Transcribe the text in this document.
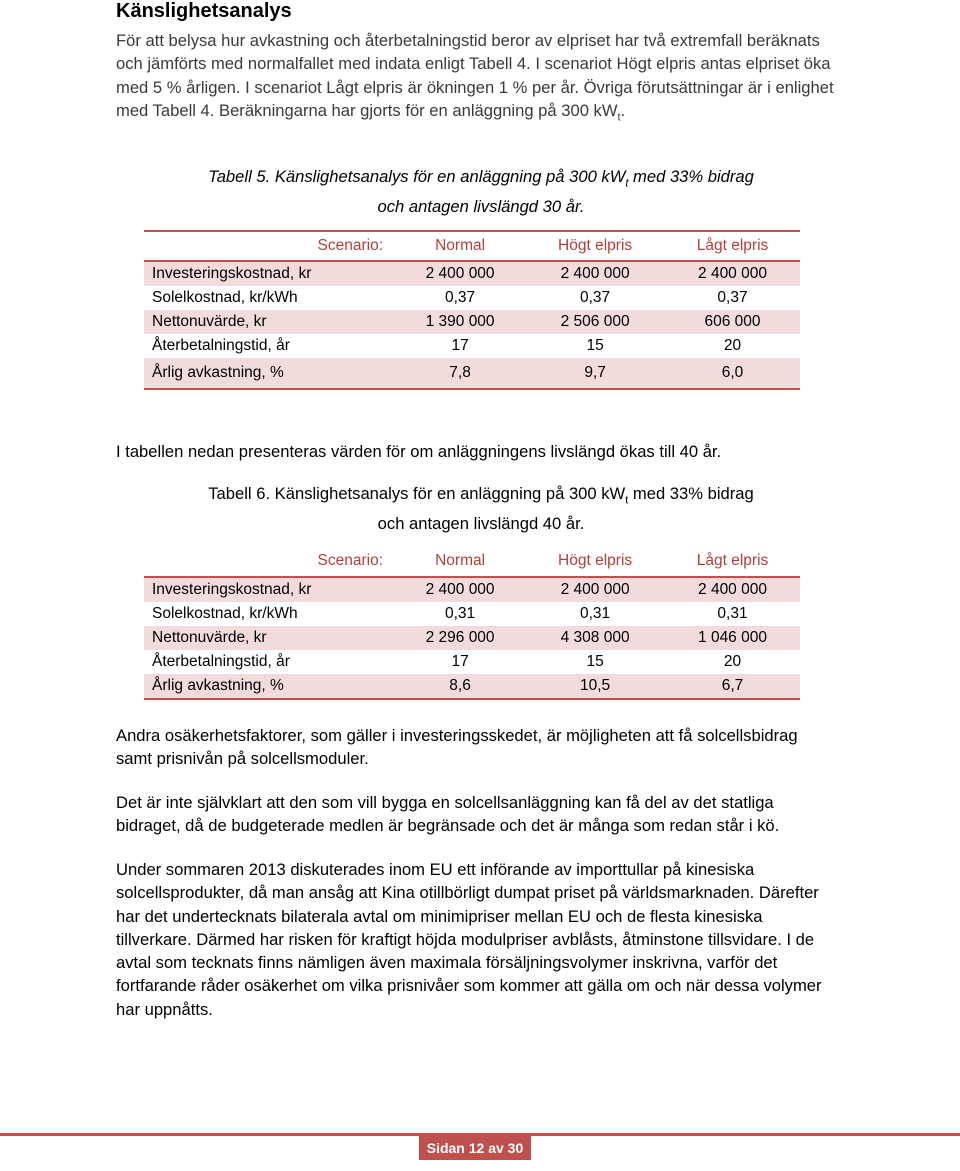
Känslighetsanalys
För att belysa hur avkastning och återbetalningstid beror av elpriset har två extremfall beräknats och jämförts med normalfallet med indata enligt Tabell 4. I scenariot Högt elpris antas elpriset öka med 5 % årligen. I scenariot Lågt elpris är ökningen 1 % per år. Övriga förutsättningar är i enlighet med Tabell 4. Beräkningarna har gjorts för en anläggning på 300 $kW_t$.
Tabell 5. Känslighetsanalys för en anläggning på 300 $kW_t$ med 33% bidrag
och antagen livslängd 30 år.
Scenario:	Normal	Högt elpris	Lågt elpris
Investeringskostnad, kr	2 400 000	2 400 000	2 400 000
Solelkostnad, kr/kWh	0,37	0,37	0,37
Nettonuvärde, kr	1 390 000	2 506 000	606 000
Återbetalningstid, år	17	15	20
Årlig avkastning, %	7,8	9,7	6,0
I tabellen nedan presenteras värden för om anläggningens livslängd ökas till 40 år.
Tabell 6. Känslighetsanalys för en anläggning på 300 $kW_t$ med 33% bidrag
och antagen livslängd 40 år.
Scenario:	Normal	Högt elpris	Lågt elpris
Investeringskostnad, kr	2 400 000	2 400 000	2 400 000
Solelkostnad, kr/kWh	0,31	0,31	0,31
Nettonuvärde, kr	2 296 000	4 308 000	1 046 000
Återbetalningstid, år	17	15	20
Årlig avkastning, %	8,6	10,5	6,7
Andra osäkerhetsfaktorer, som gäller i investeringsskedet, är möjligheten att få solcellsbidrag samt prisnivån på solcellsmoduler.
Det är inte självklart att den som vill bygga en solcellsanläggning kan få del av det statliga bidraget, då de budgeterade medlen är begränsade och det är många som redan står i kö.
Under sommaren 2013 diskuterades inom EU ett införande av importtullar på kinesiska solcellsprodukter, då man ansåg att Kina otillbörligt dumpat priset på världsmarknaden. Därefter har det undertecknats bilaterala avtal om minimipriser mellan EU och de flesta kinesiska tillverkare. Därmed har risken för kraftigt höjda modulpriser avblåsts, åtminstone tillsvidare. I de avtal som tecknats finns nämligen även maximala försäljningsvolymer inskrivna, varför det fortfarande råder osäkerhet om vilka prisnivåer som kommer att gälla om och när dessa volymer har uppnåtts.
Sidan 12 av 30
